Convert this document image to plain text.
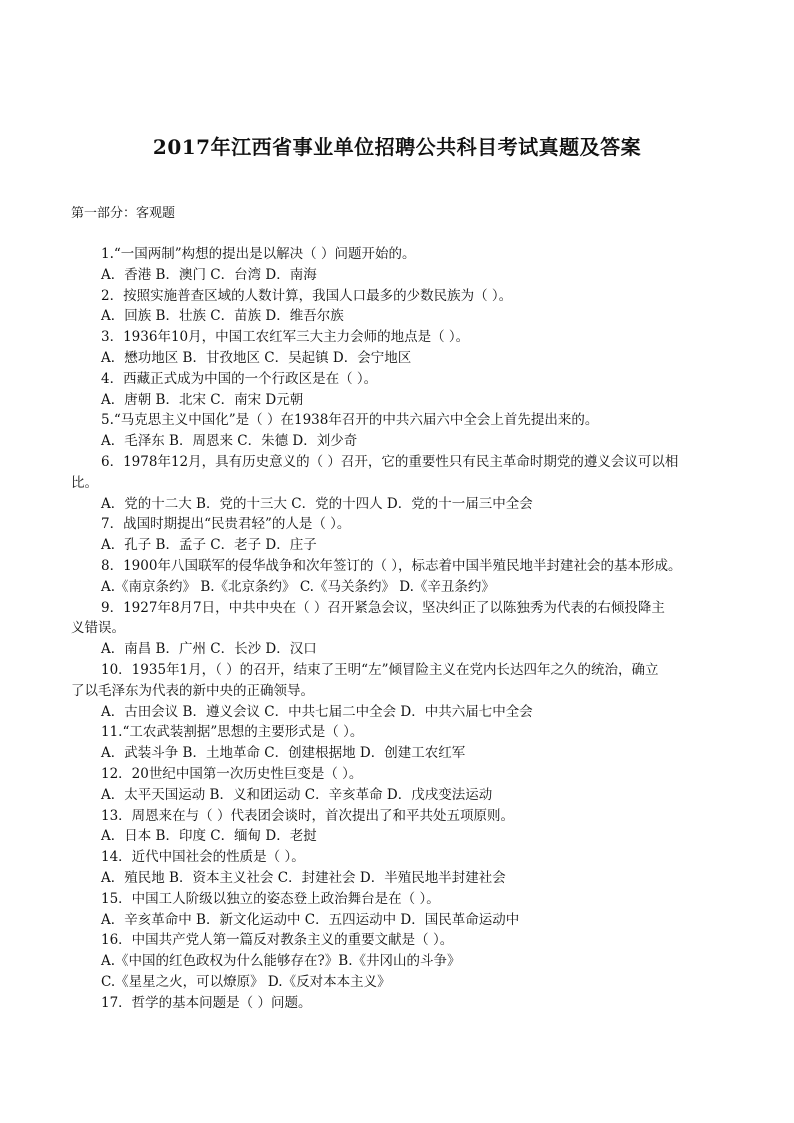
2017年江西省事业单位招聘公共科目考试真题及答案

第一部分：客观题

1.“一国两制”构想的提出是以解决（ ）问题开始的。

A．香港 B．澳门 C．台湾 D．南海

2．按照实施普查区域的人数计算，我国人口最多的少数民族为（ ）。

A．回族 B．壮族 C．苗族 D．维吾尔族

3．1936年10月，中国工农红军三大主力会师的地点是（ ）。

A．懋功地区 B．甘孜地区 C．吴起镇 D．会宁地区

4．西藏正式成为中国的一个行政区是在（ ）。

A．唐朝 B．北宋 C．南宋 D元朝

5.“马克思主义中国化”是（ ）在1938年召开的中共六届六中全会上首先提出来的。

A．毛泽东 B．周恩来 C．朱德 D．刘少奇

6．1978年12月，具有历史意义的（ ）召开，它的重要性只有民主革命时期党的遵义会议可以相

比。

A．党的十二大 B．党的十三大 C．党的十四人 D．党的十一届三中全会

7．战国时期提出“民贵君轻”的人是（ ）。

A．孔子 B．孟子 C．老子 D．庄子

8．1900年八国联军的侵华战争和次年签订的（ ），标志着中国半殖民地半封建社会的基本形成。

A.《南京条约》 B.《北京条约》 C.《马关条约》 D.《辛丑条约》

9．1927年8月7日，中共中央在（ ）召开紧急会议，坚决纠正了以陈独秀为代表的右倾投降主

义错误。

A．南昌 B．广州 C．长沙 D．汉口

10．1935年1月，（ ）的召开，结束了王明“左”倾冒险主义在党内长达四年之久的统治，确立

了以毛泽东为代表的新中央的正确领导。

A．古田会议 B．遵义会议 C．中共七届二中全会 D．中共六届七中全会

11.“工农武装割据”思想的主要形式是（ ）。

A．武装斗争 B．土地革命 C．创建根据地 D．创建工农红军

12．20世纪中国第一次历史性巨变是（ ）。

A．太平天国运动 B．义和团运动 C．辛亥革命 D．戊戌变法运动

13．周恩来在与（ ）代表团会谈时，首次提出了和平共处五项原则。

A．日本 B．印度 C．缅甸 D．老挝

14．近代中国社会的性质是（ ）。

A．殖民地 B．资本主义社会 C．封建社会 D．半殖民地半封建社会

15．中国工人阶级以独立的姿态登上政治舞台是在（ ）。

A．辛亥革命中 B．新文化运动中 C．五四运动中 D．国民革命运动中

16．中国共产党人第一篇反对教条主义的重要文献是（ ）。

A.《中国的红色政权为什么能够存在?》B.《井冈山的斗争》

C.《星星之火，可以燎原》 D.《反对本本主义》

17．哲学的基本问题是（ ）问题。
